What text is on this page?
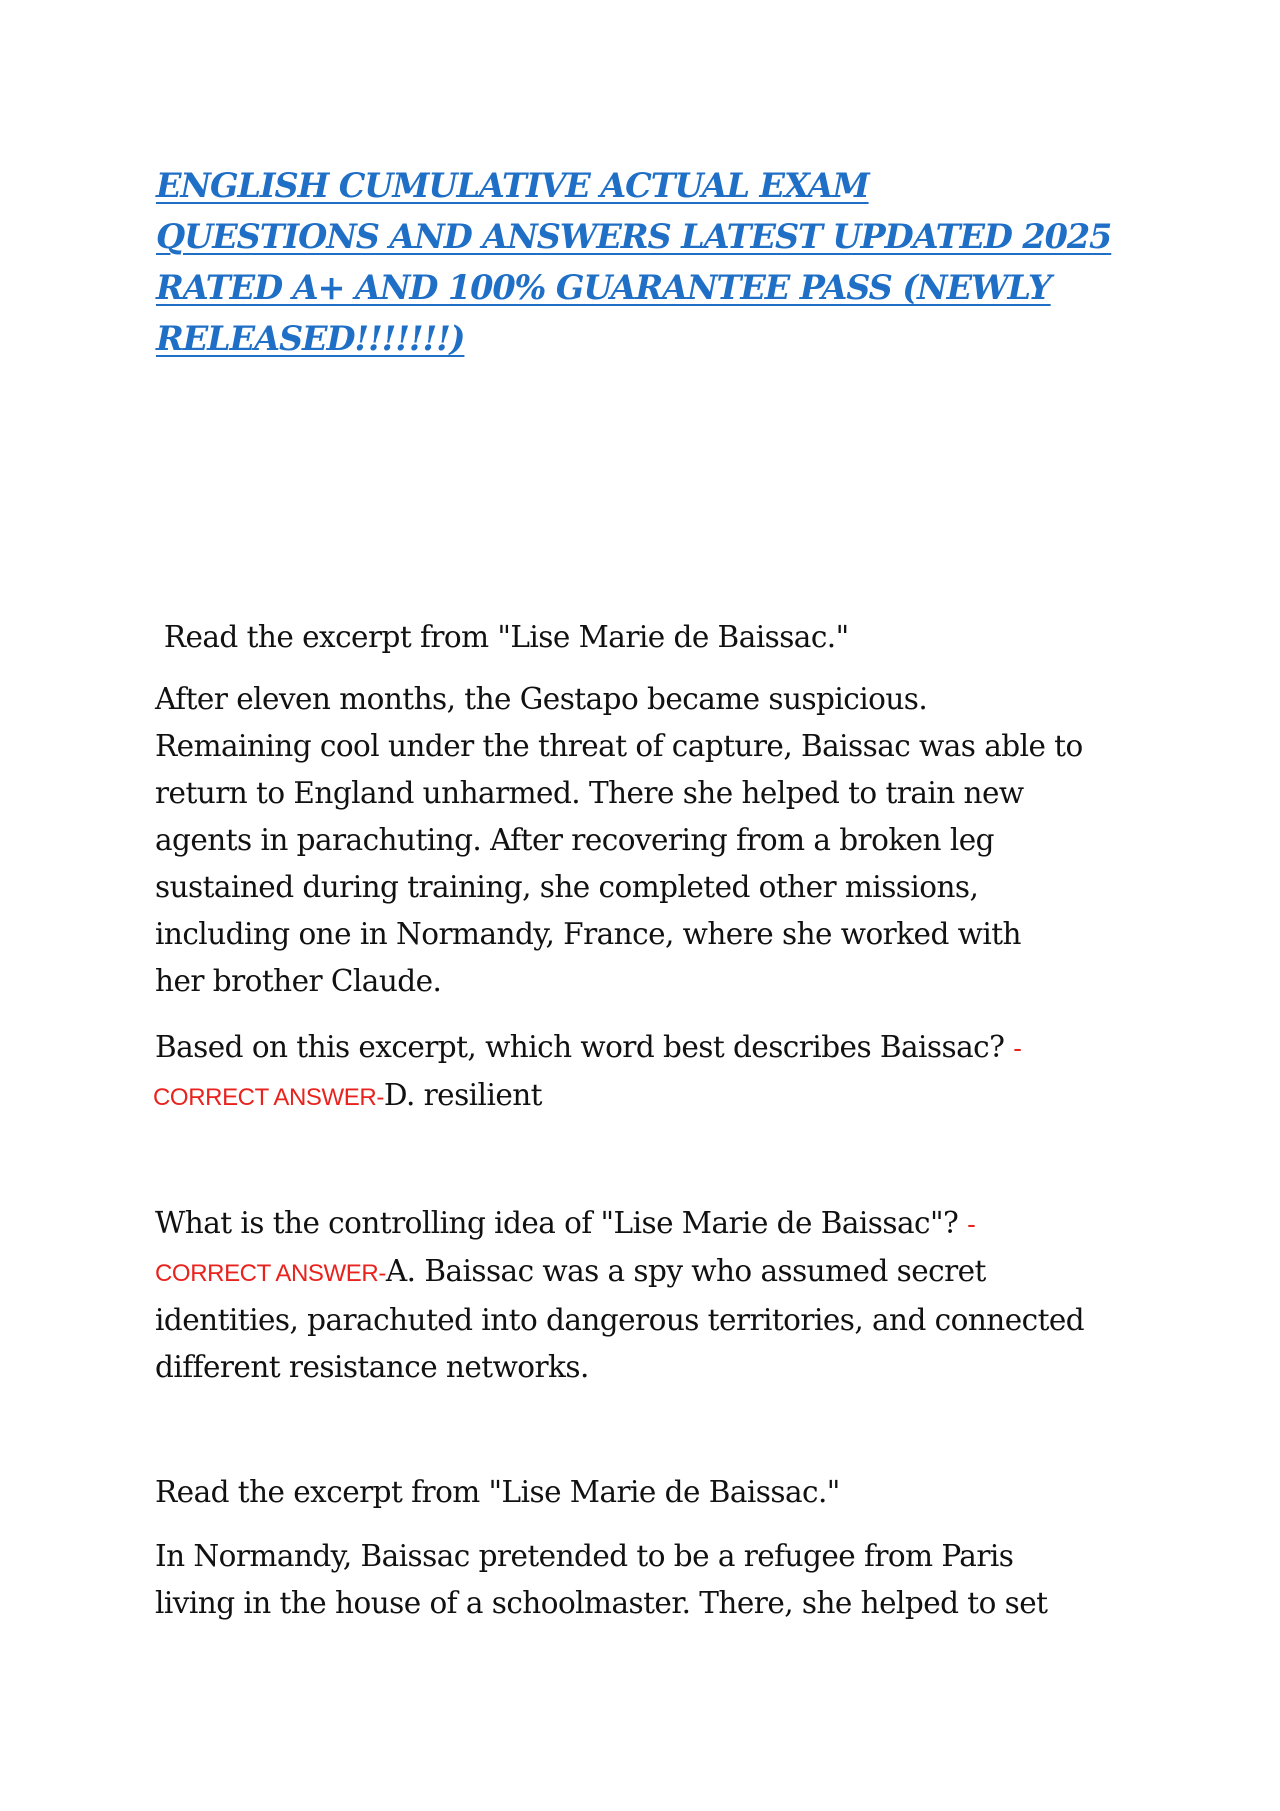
ENGLISH CUMULATIVE ACTUAL EXAM
QUESTIONS AND ANSWERS LATEST UPDATED 2025
RATED A+ AND 100% GUARANTEE PASS (NEWLY
RELEASED!!!!!!!)
Read the excerpt from "Lise Marie de Baissac."
After eleven months, the Gestapo became suspicious.
Remaining cool under the threat of capture, Baissac was able to
return to England unharmed. There she helped to train new
agents in parachuting. After recovering from a broken leg
sustained during training, she completed other missions,
including one in Normandy, France, where she worked with
her brother Claude.
Based on this excerpt, which word best describes Baissac? -
CORRECT ANSWER-D. resilient
What is the controlling idea of "Lise Marie de Baissac"? -
CORRECT ANSWER-A. Baissac was a spy who assumed secret
identities, parachuted into dangerous territories, and connected
different resistance networks.
Read the excerpt from "Lise Marie de Baissac."
In Normandy, Baissac pretended to be a refugee from Paris
living in the house of a schoolmaster. There, she helped to set
